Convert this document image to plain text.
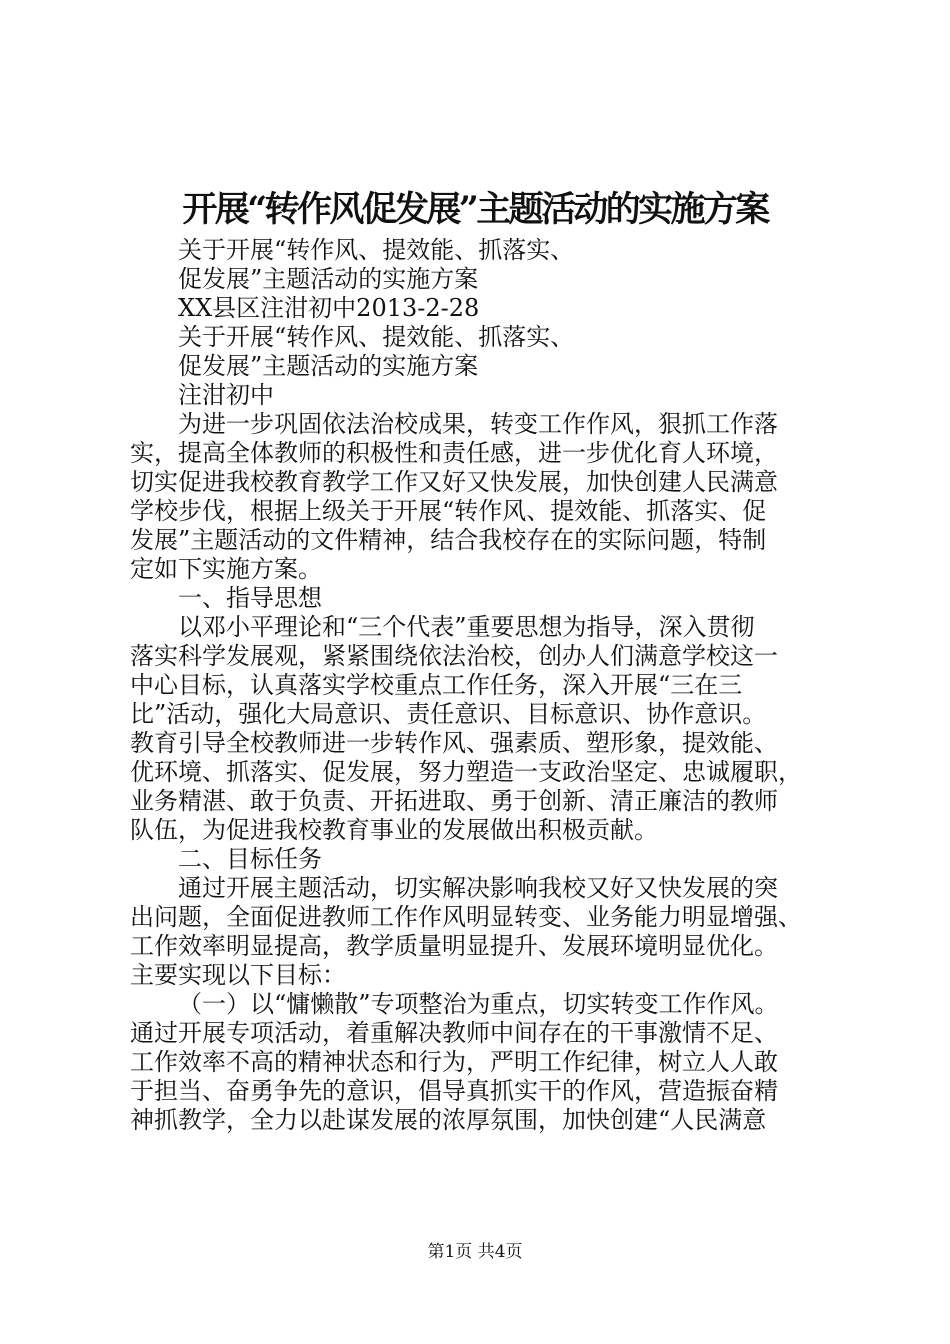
开展“转作风促发展”主题活动的实施方案
关于开展“转作风、提效能、抓落实、
促发展”主题活动的实施方案
XX县区注泔初中2013-2-28
关于开展“转作风、提效能、抓落实、
促发展”主题活动的实施方案
注泔初中
为进一步巩固依法治校成果，转变工作作风，狠抓工作落
实，提高全体教师的积极性和责任感，进一步优化育人环境，
切实促进我校教育教学工作又好又快发展，加快创建人民满意
学校步伐，根据上级关于开展“转作风、提效能、抓落实、促
发展”主题活动的文件精神，结合我校存在的实际问题，特制
定如下实施方案。
一、指导思想
以邓小平理论和“三个代表”重要思想为指导，深入贯彻
落实科学发展观，紧紧围绕依法治校，创办人们满意学校这一
中心目标，认真落实学校重点工作任务，深入开展“三在三
比”活动，强化大局意识、责任意识、目标意识、协作意识。
教育引导全校教师进一步转作风、强素质、塑形象，提效能、
优环境、抓落实、促发展，努力塑造一支政治坚定、忠诚履职，
业务精湛、敢于负责、开拓进取、勇于创新、清正廉洁的教师
队伍，为促进我校教育事业的发展做出积极贡献。
二、目标任务
通过开展主题活动，切实解决影响我校又好又快发展的突
出问题，全面促进教师工作作风明显转变、业务能力明显增强、
工作效率明显提高，教学质量明显提升、发展环境明显优化。
主要实现以下目标：
（一）以“慵懒散”专项整治为重点，切实转变工作作风。
通过开展专项活动，着重解决教师中间存在的干事激情不足、
工作效率不高的精神状态和行为，严明工作纪律，树立人人敢
于担当、奋勇争先的意识，倡导真抓实干的作风，营造振奋精
神抓教学，全力以赴谋发展的浓厚氛围，加快创建“人民满意
第1页 共4页
